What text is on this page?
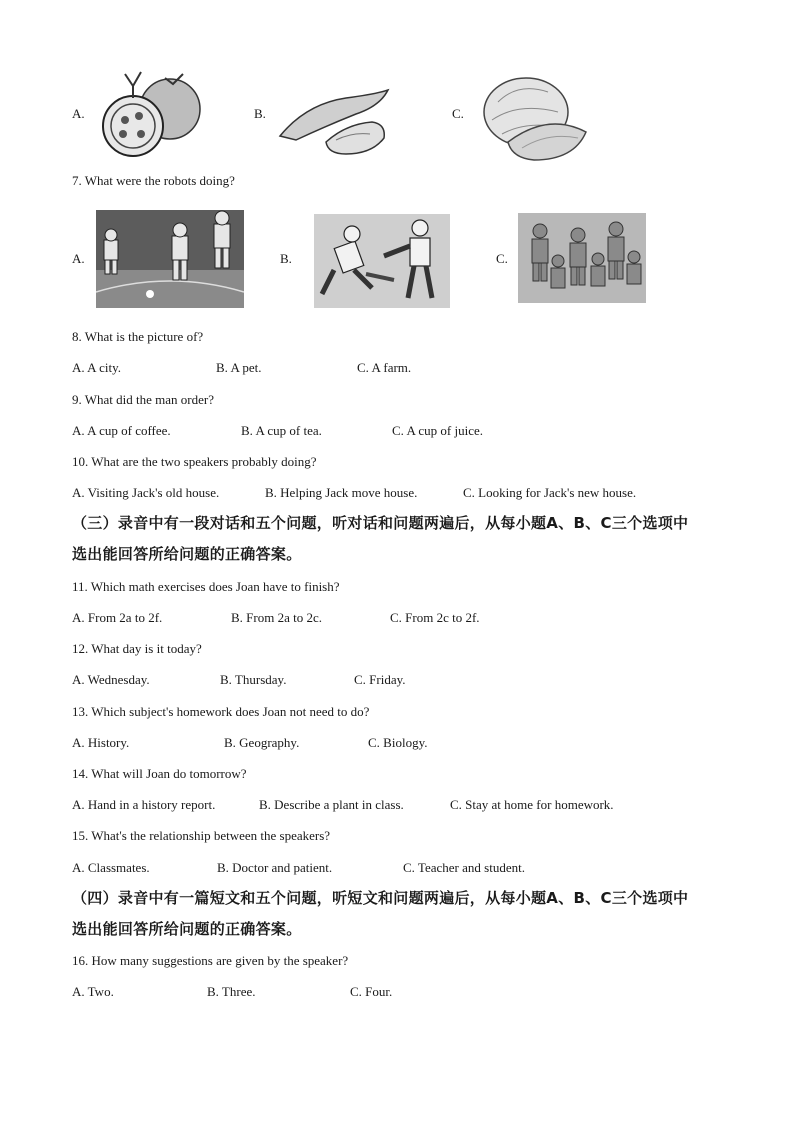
A.	B.	C.
7. What were the robots doing?
A.	B.	C.
8. What is the picture of?
A. A city.	B. A pet.	C. A farm.
9. What did the man order?
A. A cup of coffee.	B. A cup of tea.	C. A cup of juice.
10. What are the two speakers probably doing?
A. Visiting Jack's old house.	B. Helping Jack move house.	C. Looking for Jack's new house.
（三）录音中有一段对话和五个问题，听对话和问题两遍后，从每小题A、B、C三个选项中
选出能回答所给问题的正确答案。
11. Which math exercises does Joan have to finish?
A. From 2a to 2f.	B. From 2a to 2c.	C. From 2c to 2f.
12. What day is it today?
A. Wednesday.	B. Thursday.	C. Friday.
13. Which subject's homework does Joan not need to do?
A. History.	B. Geography.	C. Biology.
14. What will Joan do tomorrow?
A. Hand in a history report.	B. Describe a plant in class.	C. Stay at home for homework.
15. What's the relationship between the speakers?
A. Classmates.	B. Doctor and patient.	C. Teacher and student.
（四）录音中有一篇短文和五个问题，听短文和问题两遍后，从每小题A、B、C三个选项中
选出能回答所给问题的正确答案。
16. How many suggestions are given by the speaker?
A. Two.	B. Three.	C. Four.
